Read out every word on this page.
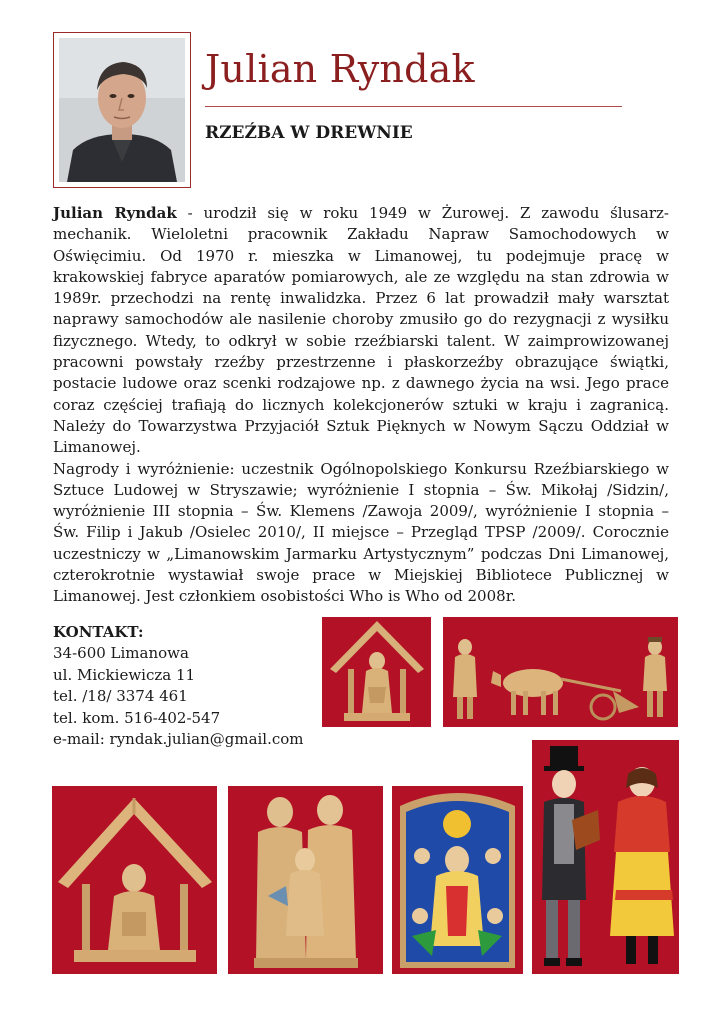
Julian Ryndak
RZEŹBA W DREWNIE

Julian Ryndak - urodził się w roku 1949 w Żurowej. Z zawodu ślusarz-mechanik. Wieloletni pracownik Zakładu Napraw Samochodowych w Oświęcimiu. Od 1970 r. mieszka w Limanowej, tu podejmuje pracę w krakowskiej fabryce aparatów pomiarowych, ale ze względu na stan zdrowia w 1989r. przechodzi na rentę inwalidzka. Przez 6 lat prowadził mały warsztat naprawy samochodów ale nasilenie choroby zmusiło go do rezygnacji z wysiłku fizycznego. Wtedy, to odkrył w sobie rzeźbiarski talent. W zaimprowizowanej pracowni powstały rzeźby przestrzenne i płaskorzeźby obrazujące świątki, postacie ludowe oraz scenki rodzajowe np. z dawnego życia na wsi. Jego prace coraz częściej trafiają do licznych kolekcjonerów sztuki w kraju i zagranicą. Należy do Towarzystwa Przyjaciół Sztuk Pięknych w Nowym Sączu Oddział w Limanowej.

Nagrody i wyróżnienie: uczestnik Ogólnopolskiego Konkursu Rzeźbiarskiego w Sztuce Ludowej w Stryszawie; wyróżnienie I stopnia – Św. Mikołaj /Sidzin/, wyróżnienie III stopnia – Św. Klemens /Zawoja 2009/, wyróżnienie I stopnia – Św. Filip i Jakub /Osielec 2010/, II miejsce – Przegląd TPSP /2009/. Corocznie uczestniczy w „Limanowskim Jarmarku Artystycznym” podczas Dni Limanowej, czterokrotnie wystawiał swoje prace w Miejskiej Bibliotece Publicznej w Limanowej. Jest członkiem osobistości Who is Who od 2008r.

KONTAKT:
34-600 Limanowa
ul. Mickiewicza 11
tel. /18/ 3374 461
tel. kom. 516-402-547
e-mail: ryndak.julian@gmail.com
